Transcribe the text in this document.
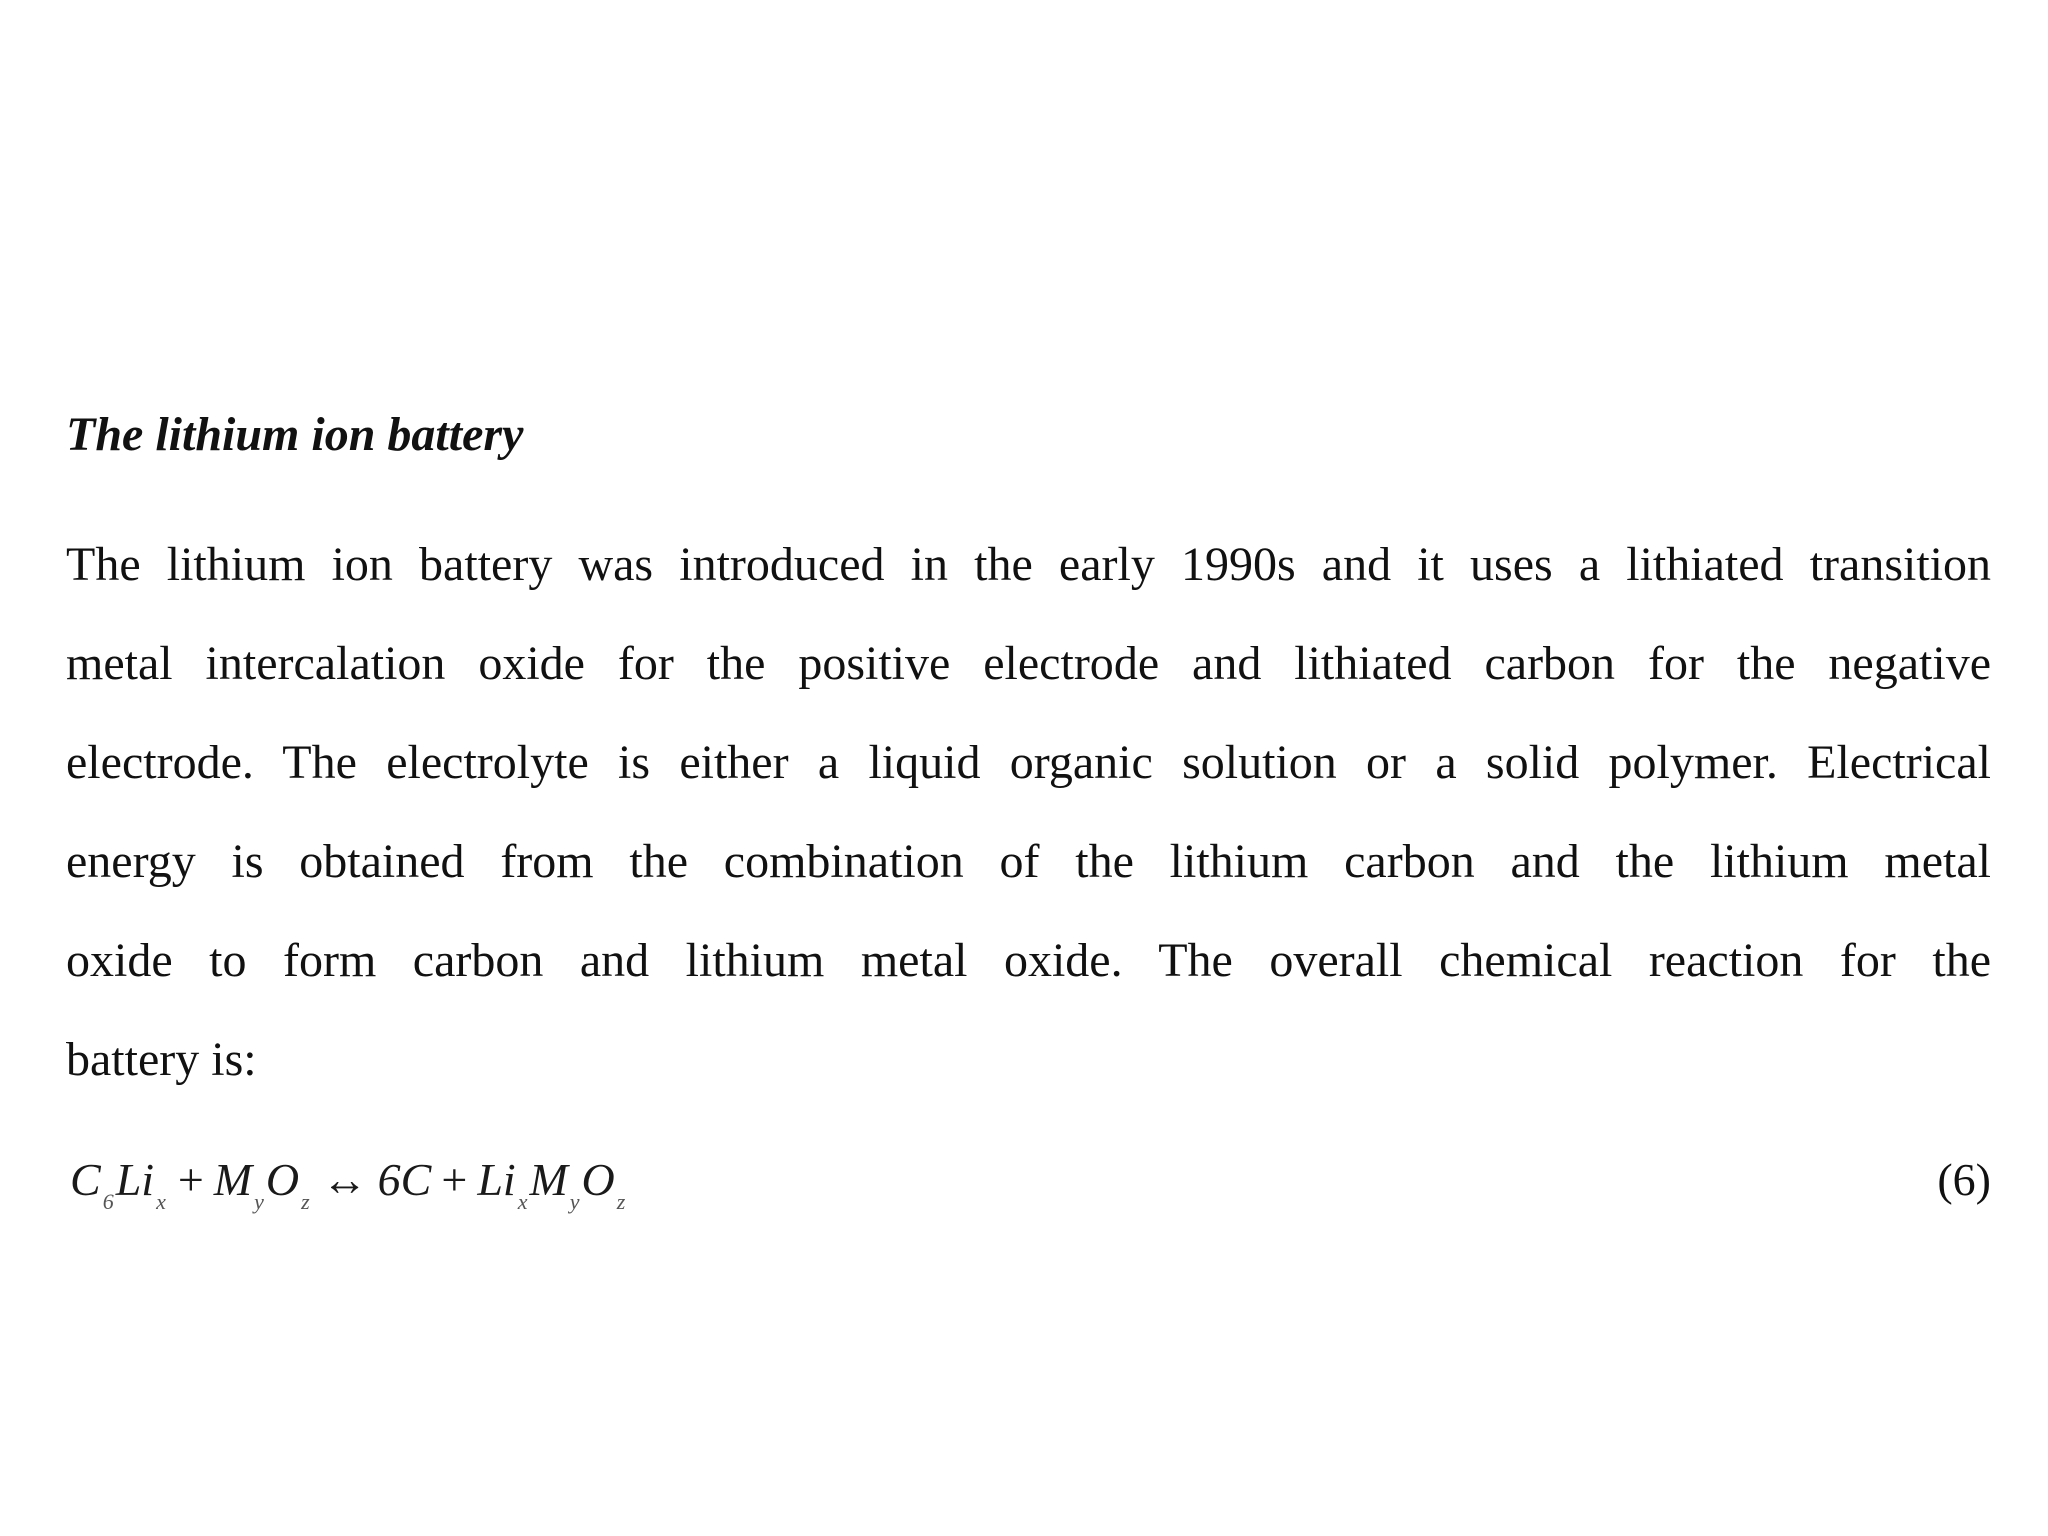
The lithium ion battery

The lithium ion battery was introduced in the early 1990s and it uses a lithiated transition
metal intercalation oxide for the positive electrode and lithiated carbon for the negative
electrode. The electrolyte is either a liquid organic solution or a solid polymer. Electrical
energy is obtained from the combination of the lithium carbon and the lithium metal
oxide to form carbon and lithium metal oxide. The overall chemical reaction for the
battery is:

$C_6Li_x + M_yO_z$ ↔ $6C + Li_xM_yO_z$	(6)
